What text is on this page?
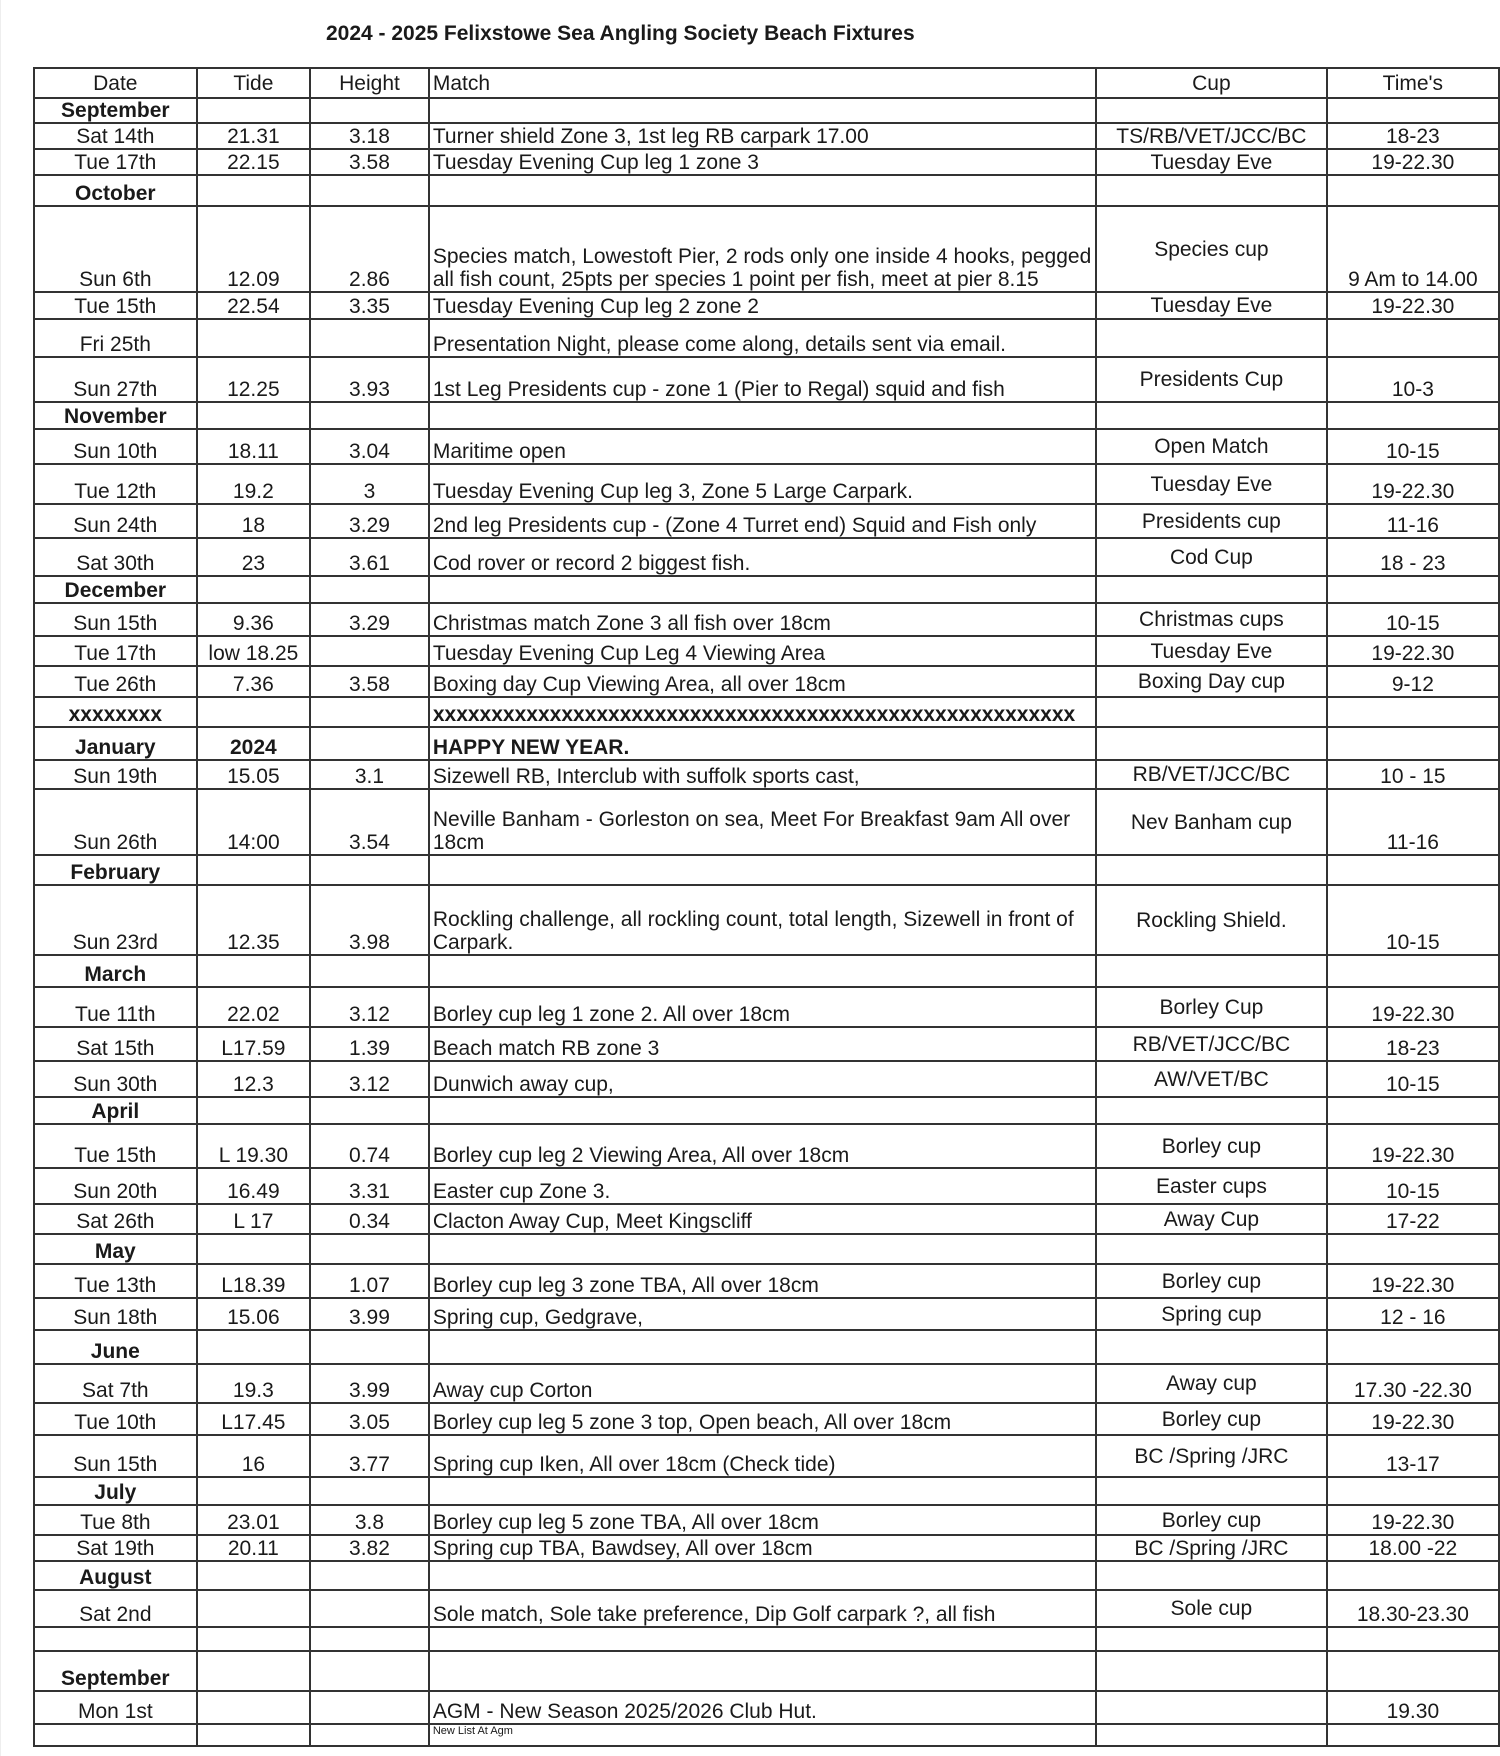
2024 - 2025 Felixstowe Sea Angling Society Beach Fixtures
Date	Tide	Height	Match	Cup	Time's
September					
Sat 14th	21.31	3.18	Turner shield Zone 3, 1st leg RB carpark 17.00	TS/RB/VET/JCC/BC	18-23
Tue 17th	22.15	3.58	Tuesday Evening Cup leg 1 zone 3	Tuesday Eve	19-22.30
October					
Sun 6th	12.09	2.86	Species match, Lowestoft Pier, 2 rods only one inside 4 hooks, pegged all fish count, 25pts per species 1 point per fish, meet at pier 8.15	Species cup	9 Am to 14.00
Tue 15th	22.54	3.35	Tuesday Evening Cup leg 2 zone 2	Tuesday Eve	19-22.30
Fri 25th			Presentation Night, please come along, details sent via email.		
Sun 27th	12.25	3.93	1st Leg Presidents cup - zone 1 (Pier to Regal) squid and fish	Presidents Cup	10-3
November					
Sun 10th	18.11	3.04	Maritime open	Open Match	10-15
Tue 12th	19.2	3	Tuesday Evening Cup leg 3, Zone 5 Large Carpark.	Tuesday Eve	19-22.30
Sun 24th	18	3.29	2nd leg Presidents cup - (Zone 4 Turret end) Squid and Fish only	Presidents cup	11-16
Sat 30th	23	3.61	Cod rover or record 2 biggest fish.	Cod Cup	18 - 23
December					
Sun 15th	9.36	3.29	Christmas match Zone 3 all fish over 18cm	Christmas cups	10-15
Tue 17th	low 18.25		Tuesday Evening Cup Leg 4 Viewing Area	Tuesday Eve	19-22.30
Tue 26th	7.36	3.58	Boxing day Cup Viewing Area, all over 18cm	Boxing Day cup	9-12
xxxxxxxx			xxxxxxxxxxxxxxxxxxxxxxxxxxxxxxxxxxxxxxxxxxxxxxxxxxxxxxx		
January	2024		HAPPY NEW YEAR.		
Sun 19th	15.05	3.1	Sizewell RB, Interclub with suffolk sports cast,	RB/VET/JCC/BC	10 - 15
Sun 26th	14:00	3.54	Neville Banham - Gorleston on sea, Meet For Breakfast 9am All over 18cm	Nev Banham cup	11-16
February					
Sun 23rd	12.35	3.98	Rockling challenge, all rockling count, total length, Sizewell in front of Carpark.	Rockling Shield.	10-15
March					
Tue 11th	22.02	3.12	Borley cup leg 1 zone 2. All over 18cm	Borley Cup	19-22.30
Sat 15th	L17.59	1.39	Beach match RB zone 3	RB/VET/JCC/BC	18-23
Sun 30th	12.3	3.12	Dunwich away cup,	AW/VET/BC	10-15
April					
Tue 15th	L 19.30	0.74	Borley cup leg 2 Viewing Area, All over 18cm	Borley cup	19-22.30
Sun 20th	16.49	3.31	Easter cup Zone 3.	Easter cups	10-15
Sat 26th	L 17	0.34	Clacton Away Cup, Meet Kingscliff	Away Cup	17-22
May					
Tue 13th	L18.39	1.07	Borley cup leg 3 zone TBA, All over 18cm	Borley cup	19-22.30
Sun 18th	15.06	3.99	Spring cup, Gedgrave,	Spring cup	12 - 16
June					
Sat 7th	19.3	3.99	Away cup Corton	Away cup	17.30 -22.30
Tue 10th	L17.45	3.05	Borley cup leg 5 zone 3 top, Open beach, All over 18cm	Borley cup	19-22.30
Sun 15th	16	3.77	Spring cup Iken, All over 18cm (Check tide)	BC /Spring /JRC	13-17
July					
Tue 8th	23.01	3.8	Borley cup leg 5 zone TBA, All over 18cm	Borley cup	19-22.30
Sat 19th	20.11	3.82	Spring cup TBA, Bawdsey, All over 18cm	BC /Spring /JRC	18.00 -22
August					
Sat 2nd			Sole match, Sole take preference, Dip Golf carpark ?, all fish	Sole cup	18.30-23.30

September					
Mon 1st			AGM - New Season 2025/2026 Club Hut.		19.30
			New List At Agm		
